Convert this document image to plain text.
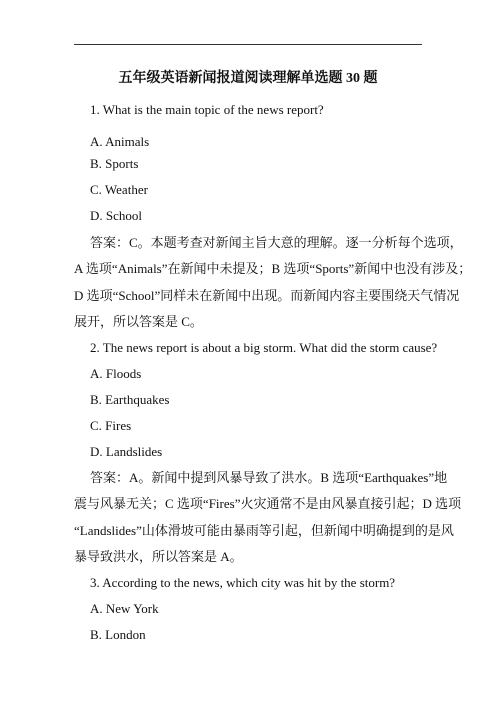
五年级英语新闻报道阅读理解单选题 30 题
1. What is the main topic of the news report?
A. Animals
B. Sports
C. Weather
D. School
答案：C。本题考查对新闻主旨大意的理解。逐一分析每个选项，
A 选项“Animals”在新闻中未提及；B 选项“Sports”新闻中也没有涉及；
D 选项“School”同样未在新闻中出现。而新闻内容主要围绕天气情况
展开，所以答案是 C。
2. The news report is about a big storm. What did the storm cause?
A. Floods
B. Earthquakes
C. Fires
D. Landslides
答案：A。新闻中提到风暴导致了洪水。B 选项“Earthquakes”地
震与风暴无关；C 选项“Fires”火灾通常不是由风暴直接引起；D 选项
“Landslides”山体滑坡可能由暴雨等引起，但新闻中明确提到的是风
暴导致洪水，所以答案是 A。
3. According to the news, which city was hit by the storm?
A. New York
B. London
